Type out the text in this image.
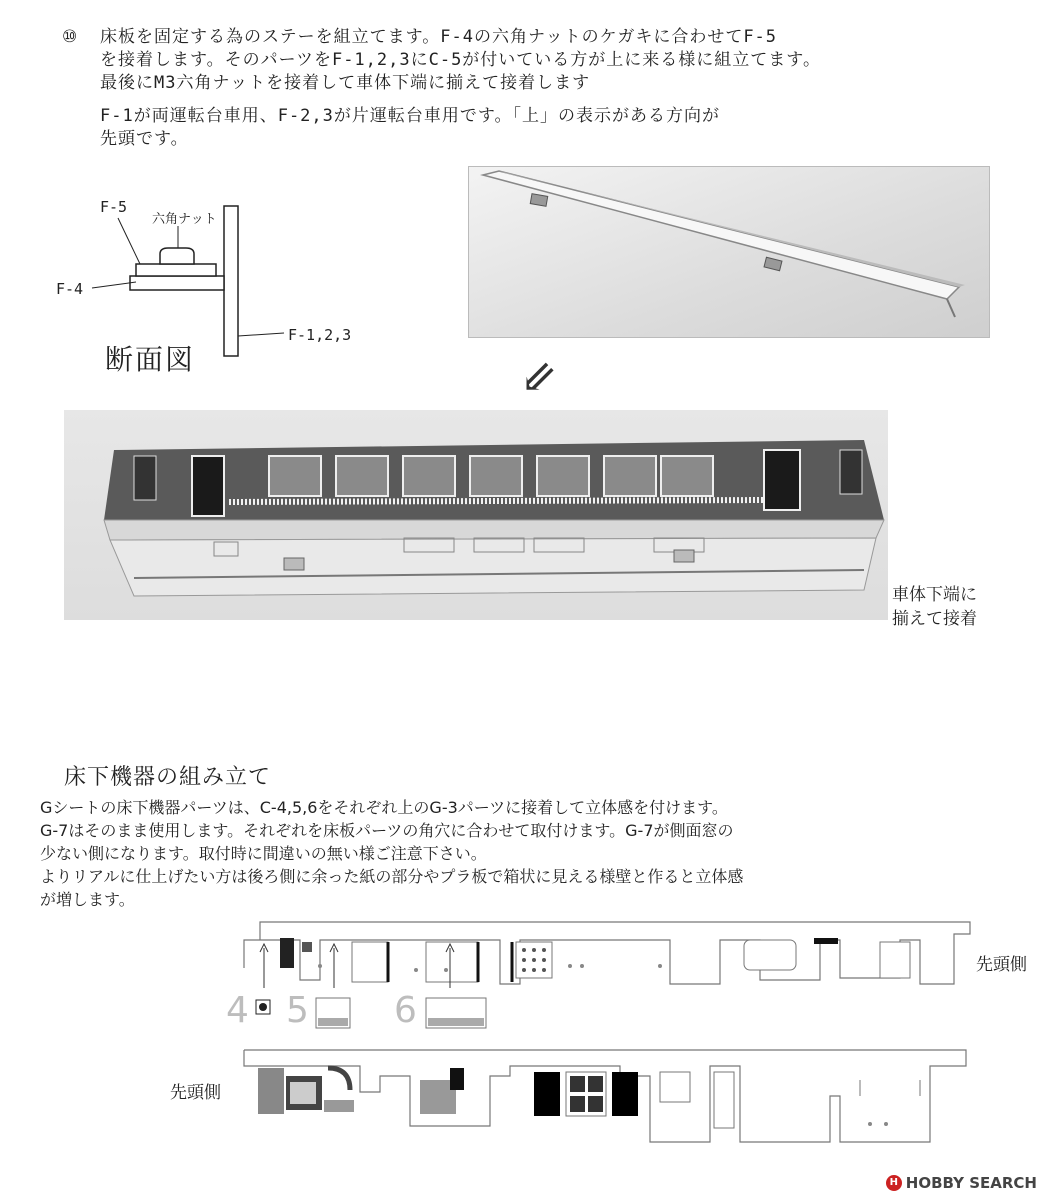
⑩ 床板を固定する為のステーを組立てます。F-4の六角ナットのケガキに合わせてF-5

を接着します。そのパーツをF-1,2,3にC-5が付いている方が上に来る様に組立てます。

最後にM3六角ナットを接着して車体下端に揃えて接着します

F-1が両運転台車用、F-2,3が片運転台車用です。「上」の表示がある方向が

先頭です。

F-5
六角ナット
F-4
F-1,2,3
断面図	⇙
車体下端に
揃えて接着
床下機器の組み立て

Gシートの床下機器パーツは、C-4,5,6をそれぞれ上のG-3パーツに接着して立体感を付けます。

G-7はそのまま使用します。それぞれを床板パーツの角穴に合わせて取付けます。G-7が側面窓の

少ない側になります。取付時に間違いの無い様ご注意下さい。

よりリアルに仕上げたい方は後ろ側に余った紙の部分やプラ板で箱状に見える様壁と作ると立体感

が増します。

先頭側
4 5 6
先頭側
H HOBBY SEARCH
